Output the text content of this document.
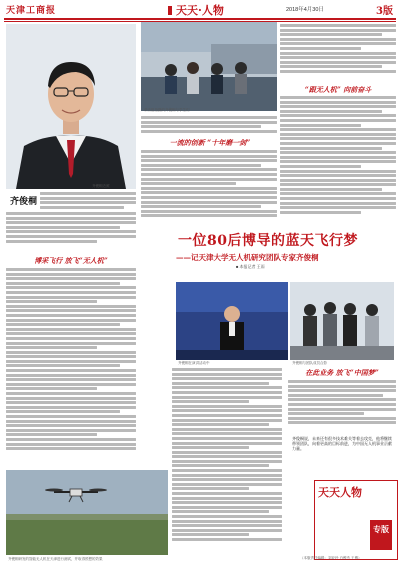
天津工商报	天天·人物	2018年4月30日	3版
齐俊桐近照
采访组拍摄的齐俊桐与学生们
“跟无人机” 向前奋斗
一流的创新 “十年磨一剑”
齐俊桐
博采飞行 放飞“无人机”
一位80后博导的蓝天飞行梦
——记天津大学无人机研究团队专家齐俊桐
■ 本报记者 王雨
齐俊桐在演讲活动中	齐俊桐与团队成员合影
在此业务 放飞“中国梦”
齐俊桐说，未来还有很多技术难关等着去攻克，他将继续带领团队，向着更高的目标前进，为中国无人机事业贡献力量。
齐俊桐研发的智能无人机在天津进行测试，并取得预想的效果
天天人物
专版
（本版责任编辑：刘亚玲 白俊杰 王博）
